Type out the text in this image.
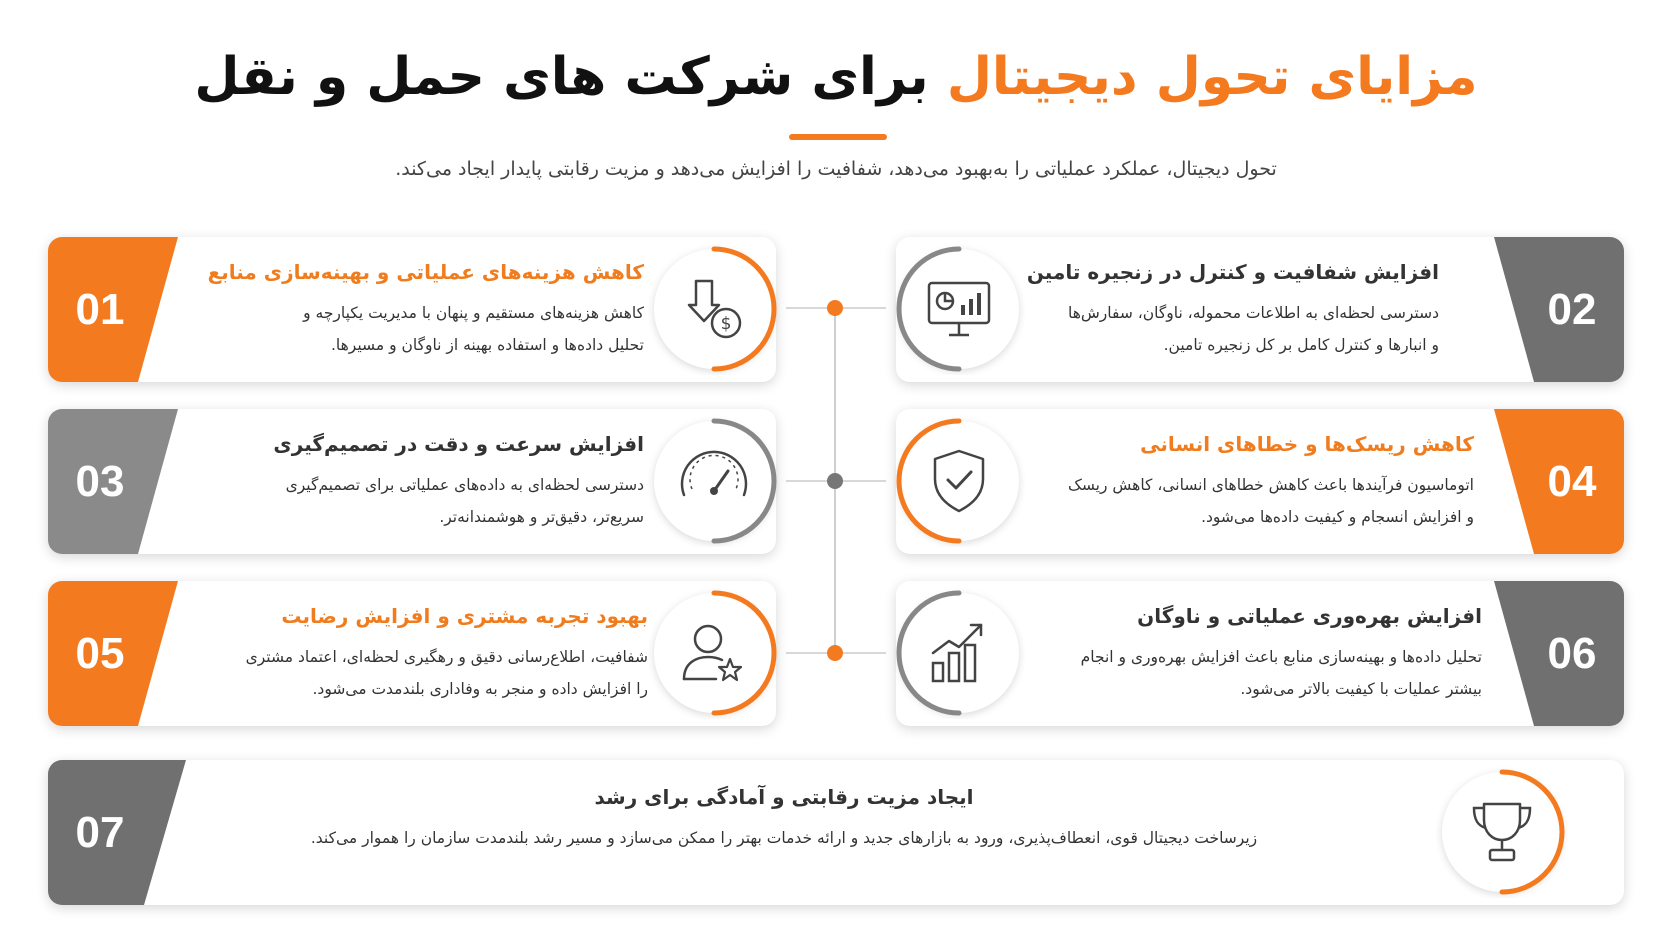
مزایای تحول دیجیتال برای شرکت های حمل و نقل
تحول دیجیتال، عملکرد عملیاتی را به‌بهبود می‌دهد، شفافیت را افزایش می‌دهد و مزیت رقابتی پایدار ایجاد می‌کند.
01
کاهش هزینه‌های عملیاتی و بهینه‌سازی منابع
کاهش هزینه‌های مستقیم و پنهان با مدیریت یکپارچه و
تحلیل داده‌ها و استفاده بهینه از ناوگان و مسیرها.
$	02
افزایش شفافیت و کنترل در زنجیره تامین
دسترسی لحظه‌ای به اطلاعات محموله، ناوگان، سفارش‌ها
و انبارها و کنترل کامل بر کل زنجیره تامین.
03
افزایش سرعت و دقت در تصمیم‌گیری
دسترسی لحظه‌ای به داده‌های عملیاتی برای تصمیم‌گیری
سریع‌تر، دقیق‌تر و هوشمندانه‌تر.
04
کاهش ریسک‌ها و خطاهای انسانی
اتوماسیون فرآیندها باعث کاهش خطاهای انسانی، کاهش ریسک
و افزایش انسجام و کیفیت داده‌ها می‌شود.
05
بهبود تجربه مشتری و افزایش رضایت
شفافیت، اطلاع‌رسانی دقیق و رهگیری لحظه‌ای، اعتماد مشتری
را افزایش داده و منجر به وفاداری بلندمدت می‌شود.
06
افزایش بهره‌وری عملیاتی و ناوگان
تحلیل داده‌ها و بهینه‌سازی منابع باعث افزایش بهره‌وری و انجام
بیشتر عملیات با کیفیت بالاتر می‌شود.
07
ایجاد مزیت رقابتی و آمادگی برای رشد
زیرساخت دیجیتال قوی، انعطاف‌پذیری، ورود به بازارهای جدید و ارائه خدمات بهتر را ممکن می‌سازد و مسیر رشد بلندمدت سازمان را هموار می‌کند.
